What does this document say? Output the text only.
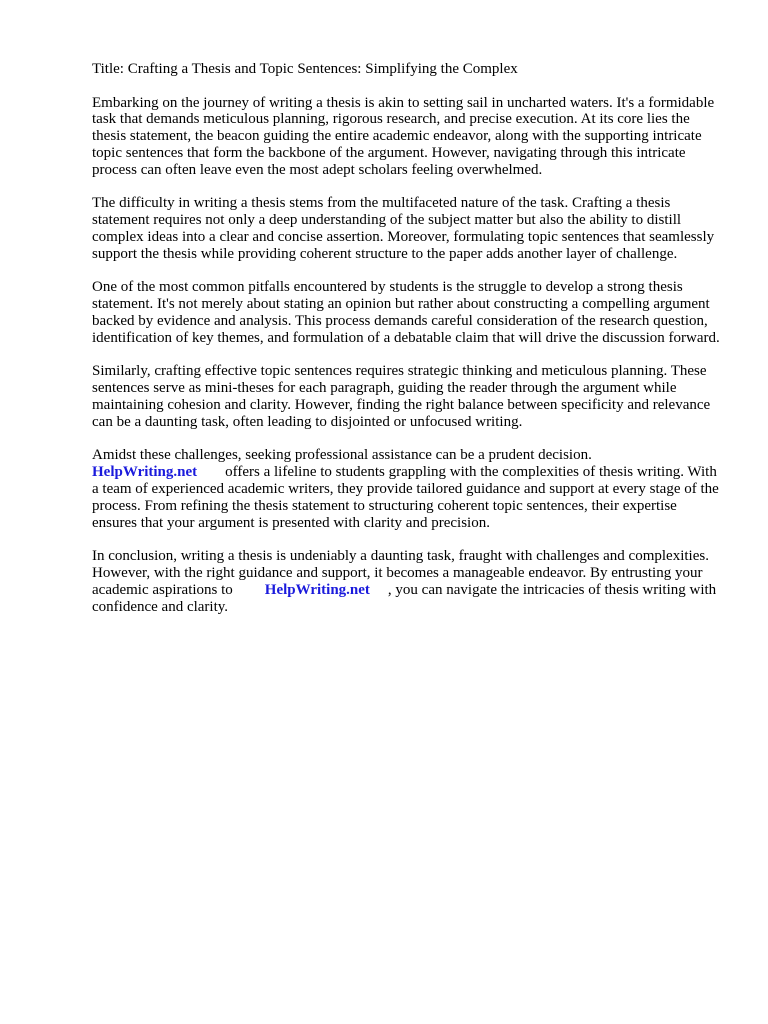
Title: Crafting a Thesis and Topic Sentences: Simplifying the Complex

Embarking on the journey of writing a thesis is akin to setting sail in uncharted waters. It's a formidable task that demands meticulous planning, rigorous research, and precise execution. At its core lies the thesis statement, the beacon guiding the entire academic endeavor, along with the supporting intricate topic sentences that form the backbone of the argument. However, navigating through this intricate process can often leave even the most adept scholars feeling overwhelmed.

The difficulty in writing a thesis stems from the multifaceted nature of the task. Crafting a thesis statement requires not only a deep understanding of the subject matter but also the ability to distill complex ideas into a clear and concise assertion. Moreover, formulating topic sentences that seamlessly support the thesis while providing coherent structure to the paper adds another layer of challenge.

One of the most common pitfalls encountered by students is the struggle to develop a strong thesis statement. It's not merely about stating an opinion but rather about constructing a compelling argument backed by evidence and analysis. This process demands careful consideration of the research question, identification of key themes, and formulation of a debatable claim that will drive the discussion forward.

Similarly, crafting effective topic sentences requires strategic thinking and meticulous planning. These sentences serve as mini-theses for each paragraph, guiding the reader through the argument while maintaining cohesion and clarity. However, finding the right balance between specificity and relevance can be a daunting task, often leading to disjointed or unfocused writing.

Amidst these challenges, seeking professional assistance can be a prudent decision.
HelpWriting.net offers a lifeline to students grappling with the complexities of thesis writing. With a team of experienced academic writers, they provide tailored guidance and support at every stage of the process. From refining the thesis statement to structuring coherent topic sentences, their expertise ensures that your argument is presented with clarity and precision.

In conclusion, writing a thesis is undeniably a daunting task, fraught with challenges and complexities. However, with the right guidance and support, it becomes a manageable endeavor. By entrusting your academic aspirations to HelpWriting.net , you can navigate the intricacies of thesis writing with confidence and clarity.
